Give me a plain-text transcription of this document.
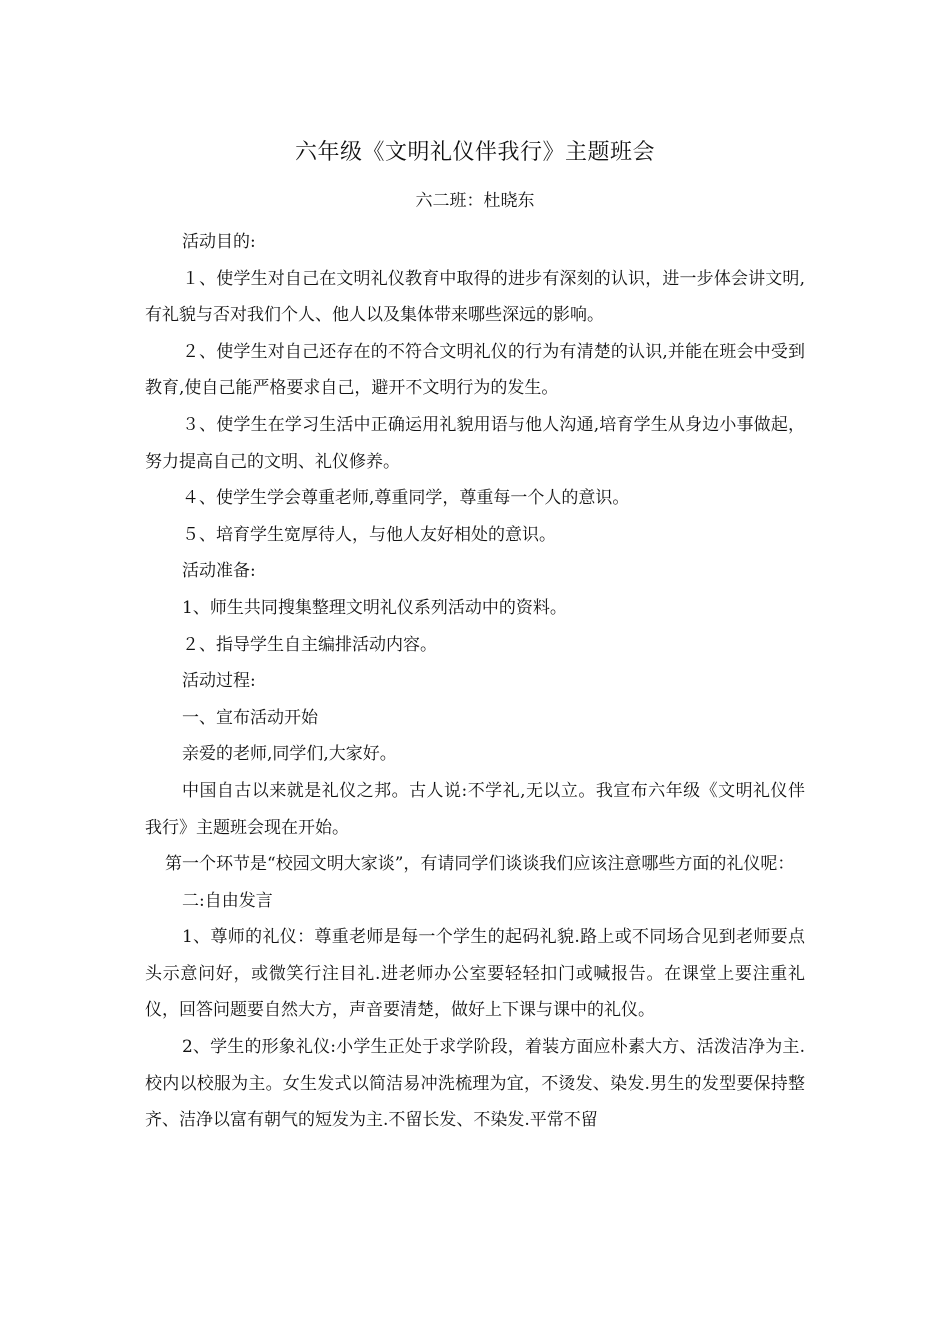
六年级《文明礼仪伴我行》主题班会
六二班：杜晓东

活动目的:

１、使学生对自己在文明礼仪教育中取得的进步有深刻的认识，进一步体会讲文明,有礼貌与否对我们个人、他人以及集体带来哪些深远的影响。

２、使学生对自己还存在的不符合文明礼仪的行为有清楚的认识,并能在班会中受到教育,使自己能严格要求自己，避开不文明行为的发生。

３、使学生在学习生活中正确运用礼貌用语与他人沟通,培育学生从身边小事做起，努力提高自己的文明、礼仪修养。

４、使学生学会尊重老师,尊重同学，尊重每一个人的意识。

５、培育学生宽厚待人，与他人友好相处的意识。

活动准备:

1、师生共同搜集整理文明礼仪系列活动中的资料。

２、指导学生自主编排活动内容。

活动过程:

一、宣布活动开始

亲爱的老师,同学们,大家好。

中国自古以来就是礼仪之邦。古人说:不学礼,无以立。我宣布六年级《文明礼仪伴我行》主题班会现在开始。

第一个环节是“校园文明大家谈”，有请同学们谈谈我们应该注意哪些方面的礼仪呢：

二:自由发言

1、尊师的礼仪：尊重老师是每一个学生的起码礼貌.路上或不同场合见到老师要点头示意问好，或微笑行注目礼.进老师办公室要轻轻扣门或喊报告。在课堂上要注重礼仪，回答问题要自然大方，声音要清楚，做好上下课与课中的礼仪。

2、学生的形象礼仪:小学生正处于求学阶段，着装方面应朴素大方、活泼洁净为主.校内以校服为主。女生发式以简洁易冲洗梳理为宜，不烫发、染发.男生的发型要保持整齐、洁净以富有朝气的短发为主.不留长发、不染发.平常不留
